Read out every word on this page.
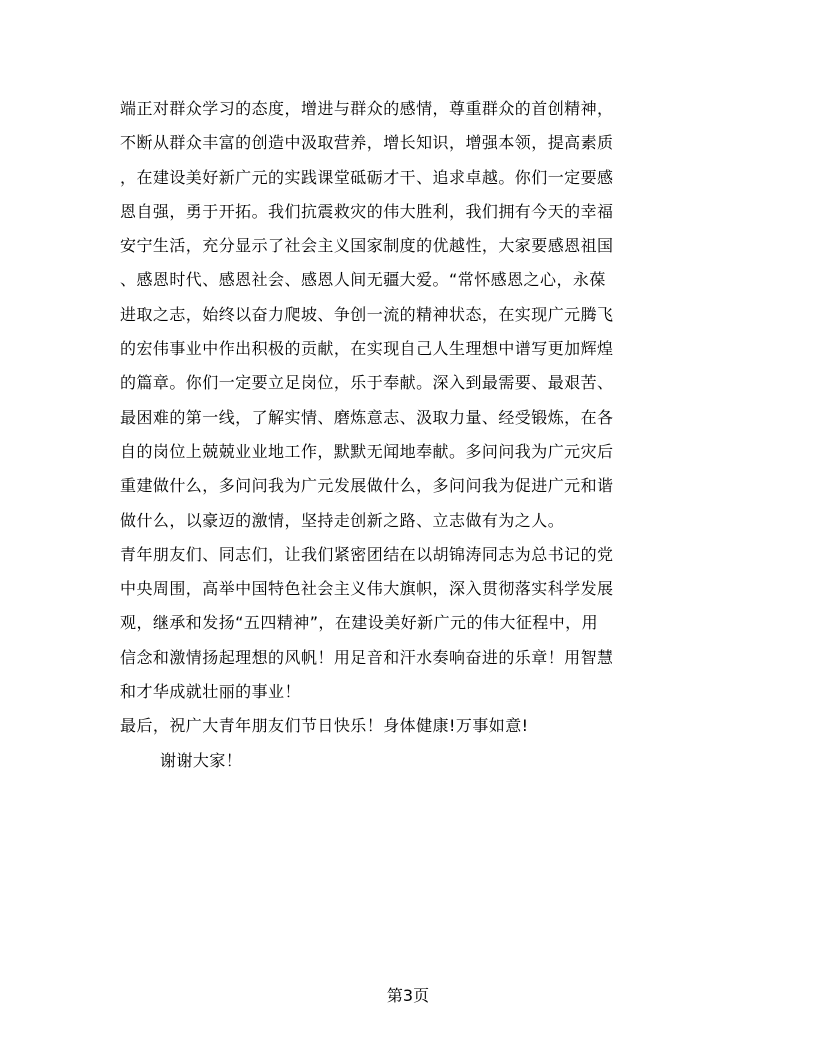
端正对群众学习的态度，增进与群众的感情，尊重群众的首创精神，
不断从群众丰富的创造中汲取营养，增长知识，增强本领，提高素质
，在建设美好新广元的实践课堂砥砺才干、追求卓越。你们一定要感
恩自强，勇于开拓。我们抗震救灾的伟大胜利，我们拥有今天的幸福
安宁生活，充分显示了社会主义国家制度的优越性，大家要感恩祖国
、感恩时代、感恩社会、感恩人间无疆大爱。“常怀感恩之心，永葆
进取之志，始终以奋力爬坡、争创一流的精神状态，在实现广元腾飞
的宏伟事业中作出积极的贡献，在实现自己人生理想中谱写更加辉煌
的篇章。你们一定要立足岗位，乐于奉献。深入到最需要、最艰苦、
最困难的第一线，了解实情、磨炼意志、汲取力量、经受锻炼，在各
自的岗位上兢兢业业地工作，默默无闻地奉献。多问问我为广元灾后
重建做什么，多问问我为广元发展做什么，多问问我为促进广元和谐
做什么，以豪迈的激情，坚持走创新之路、立志做有为之人。
青年朋友们、同志们，让我们紧密团结在以胡锦涛同志为总书记的党
中央周围，高举中国特色社会主义伟大旗帜，深入贯彻落实科学发展
观，继承和发扬“五四精神”，在建设美好新广元的伟大征程中，用
信念和激情扬起理想的风帆！用足音和汗水奏响奋进的乐章！用智慧
和才华成就壮丽的事业！
最后，祝广大青年朋友们节日快乐！身体健康!万事如意!
谢谢大家！
第3页
